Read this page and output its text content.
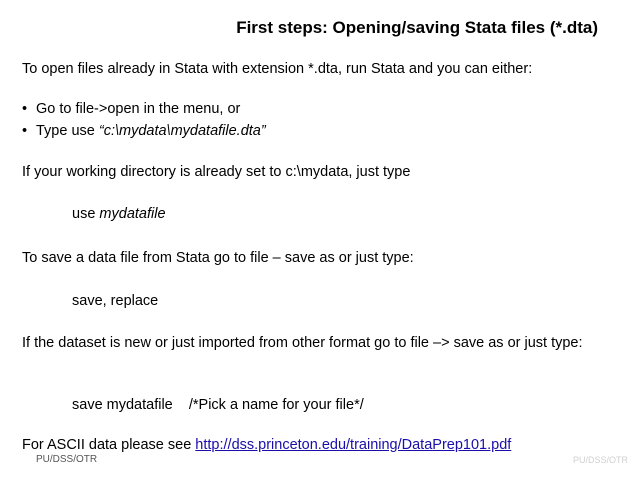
First steps: Opening/saving Stata files (*.dta)
To open files already in Stata with extension *.dta, run Stata and you can either:
• Go to file->open in the menu, or
• Type use “c:\mydata\mydatafile.dta”
If your working directory is already set to c:\mydata, just type
use mydatafile
To save a data file from Stata go to file – save as or just type:
save, replace
If the dataset is new or just imported from other format go to file –> save as or just type:
save mydatafile    /*Pick a name for your file*/
For ASCII data please see http://dss.princeton.edu/training/DataPrep101.pdf
PU/DSS/OTR	PU/DSS/OTR
